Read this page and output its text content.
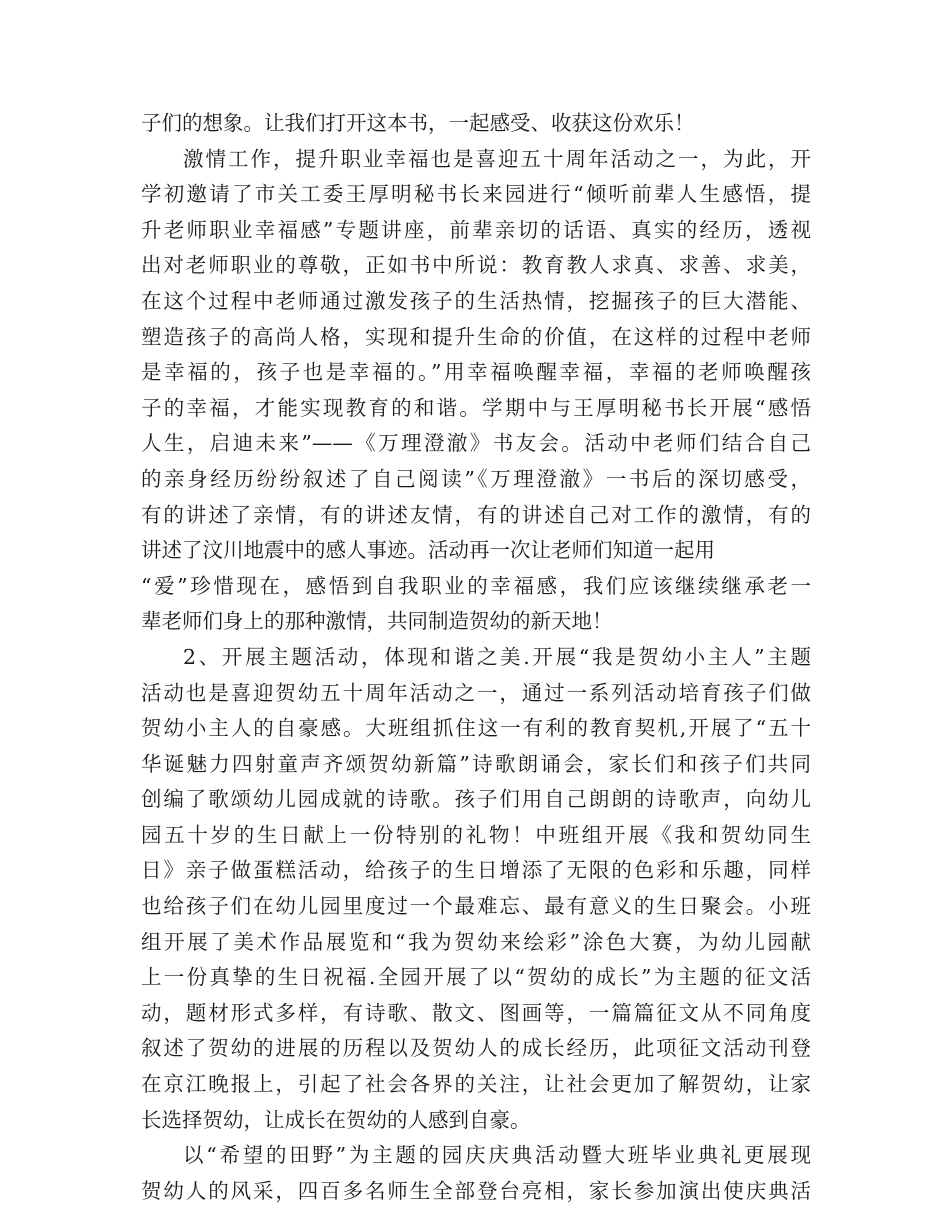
子们的想象。让我们打开这本书，一起感受、收获这份欢乐！
激情工作，提升职业幸福也是喜迎五十周年活动之一，为此，开
学初邀请了市关工委王厚明秘书长来园进行“倾听前辈人生感悟，提
升老师职业幸福感”专题讲座，前辈亲切的话语、真实的经历，透视
出对老师职业的尊敬，正如书中所说：教育教人求真、求善、求美，
在这个过程中老师通过激发孩子的生活热情，挖掘孩子的巨大潜能、
塑造孩子的高尚人格，实现和提升生命的价值，在这样的过程中老师
是幸福的，孩子也是幸福的。”用幸福唤醒幸福，幸福的老师唤醒孩
子的幸福，才能实现教育的和谐。学期中与王厚明秘书长开展“感悟
人生，启迪未来”——《万理澄澈》书友会。活动中老师们结合自己
的亲身经历纷纷叙述了自己阅读”《万理澄澈》一书后的深切感受，
有的讲述了亲情，有的讲述友情，有的讲述自己对工作的激情，有的
讲述了汶川地震中的感人事迹。活动再一次让老师们知道一起用
“爱”珍惜现在，感悟到自我职业的幸福感，我们应该继续继承老一
辈老师们身上的那种激情，共同制造贺幼的新天地！
2、开展主题活动，体现和谐之美.开展“我是贺幼小主人”主题
活动也是喜迎贺幼五十周年活动之一，通过一系列活动培育孩子们做
贺幼小主人的自豪感。大班组抓住这一有利的教育契机,开展了“五十
华诞魅力四射童声齐颂贺幼新篇”诗歌朗诵会，家长们和孩子们共同
创编了歌颂幼儿园成就的诗歌。孩子们用自己朗朗的诗歌声，向幼儿
园五十岁的生日献上一份特别的礼物！中班组开展《我和贺幼同生
日》亲子做蛋糕活动，给孩子的生日增添了无限的色彩和乐趣，同样
也给孩子们在幼儿园里度过一个最难忘、最有意义的生日聚会。小班
组开展了美术作品展览和“我为贺幼来绘彩”涂色大赛，为幼儿园献
上一份真挚的生日祝福.全园开展了以“贺幼的成长”为主题的征文活
动，题材形式多样，有诗歌、散文、图画等，一篇篇征文从不同角度
叙述了贺幼的进展的历程以及贺幼人的成长经历，此项征文活动刊登
在京江晚报上，引起了社会各界的关注，让社会更加了解贺幼，让家
长选择贺幼，让成长在贺幼的人感到自豪。
以“希望的田野”为主题的园庆庆典活动暨大班毕业典礼更展现
贺幼人的风采，四百多名师生全部登台亮相，家长参加演出使庆典活
